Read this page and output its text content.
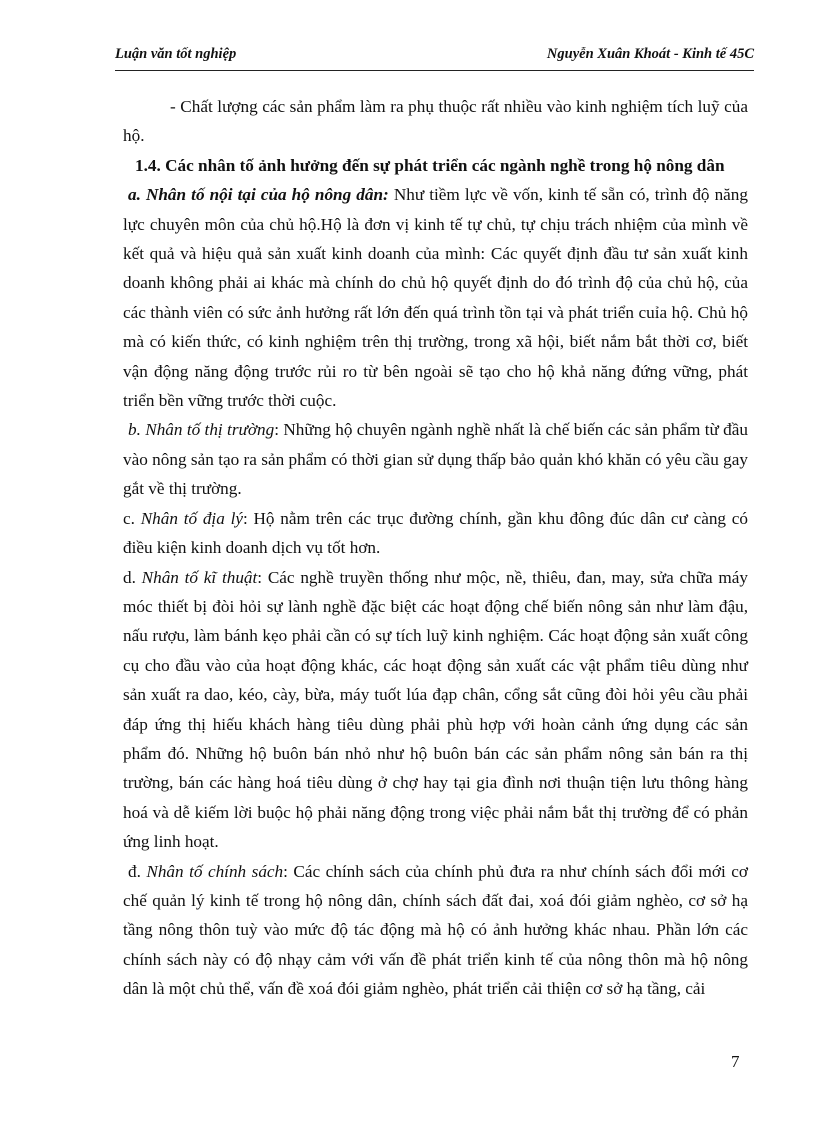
Luận văn tốt nghiệp	Nguyễn Xuân Khoát - Kinh tế 45C

- Chất lượng các sản phẩm làm ra phụ thuộc rất nhiều vào kinh nghiệm tích luỹ của hộ.

1.4. Các nhân tố ảnh hưởng đến sự phát triển các ngành nghề trong hộ nông dân

a. Nhân tố nội tại của hộ nông dân: Như tiềm lực về vốn, kinh tế sẵn có, trình độ năng lực chuyên môn của chủ hộ.Hộ là đơn vị kinh tế tự chủ, tự chịu trách nhiệm của mình về kết quả và hiệu quả sản xuất kinh doanh của mình: Các quyết định đầu tư sản xuất kinh doanh không phải ai khác mà chính do chủ hộ quyết định do đó trình độ của chủ hộ, của các thành viên có sức ảnh hưởng rất lớn đến quá trình tồn tại và phát triển cuỉa hộ. Chủ hộ mà có kiến thức, có kinh nghiệm trên thị trường, trong xã hội, biết nắm bắt thời cơ, biết vận động năng động trước rủi ro từ bên ngoài sẽ tạo cho hộ khả năng đứng vững, phát triển bền vững trước thời cuộc.

b. Nhân tố thị trường: Những hộ chuyên ngành nghề nhất là chế biến các sản phẩm từ đầu vào nông sản tạo ra sản phẩm có thời gian sử dụng thấp bảo quản khó khăn có yêu cầu gay gắt về thị trường.

c. Nhân tố địa lý: Hộ nằm trên các trục đường chính, gần khu đông đúc dân cư càng có điều kiện kinh doanh dịch vụ tốt hơn.

d. Nhân tố kĩ thuật: Các nghề truyền thống như mộc, nề, thiêu, đan, may, sửa chữa máy móc thiết bị đòi hỏi sự lành nghề đặc biệt các hoạt động chế biến nông sản như làm đậu, nấu rượu, làm bánh kẹo phải cần có sự tích luỹ kinh nghiệm. Các hoạt động sản xuất công cụ cho đầu vào của hoạt động khác, các hoạt động sản xuất các vật phẩm tiêu dùng như sản xuất ra dao, kéo, cày, bừa, máy tuốt lúa đạp chân, cổng sắt cũng đòi hỏi yêu cầu phải đáp ứng thị hiếu khách hàng tiêu dùng phải phù hợp với hoàn cảnh ứng dụng các sản phẩm đó. Những hộ buôn bán nhỏ như hộ buôn bán các sản phẩm nông sản bán ra thị trường, bán các hàng hoá tiêu dùng ở chợ hay tại gia đình nơi thuận tiện lưu thông hàng hoá và dễ kiếm lời buộc hộ phải năng động trong việc phải nắm bắt thị trường để có phản ứng linh hoạt.

đ. Nhân tố chính sách: Các chính sách của chính phủ đưa ra như chính sách đổi mới cơ chế quản lý kinh tế trong hộ nông dân, chính sách đất đai, xoá đói giảm nghèo, cơ sở hạ tầng nông thôn tuỳ vào mức độ tác động mà hộ có ảnh hưởng khác nhau. Phần lớn các chính sách này có độ nhạy cảm với vấn đề phát triển kinh tế của nông thôn mà hộ nông dân là một chủ thể, vấn đề xoá đói giảm nghèo, phát triển cải thiện cơ sở hạ tầng, cải

7
